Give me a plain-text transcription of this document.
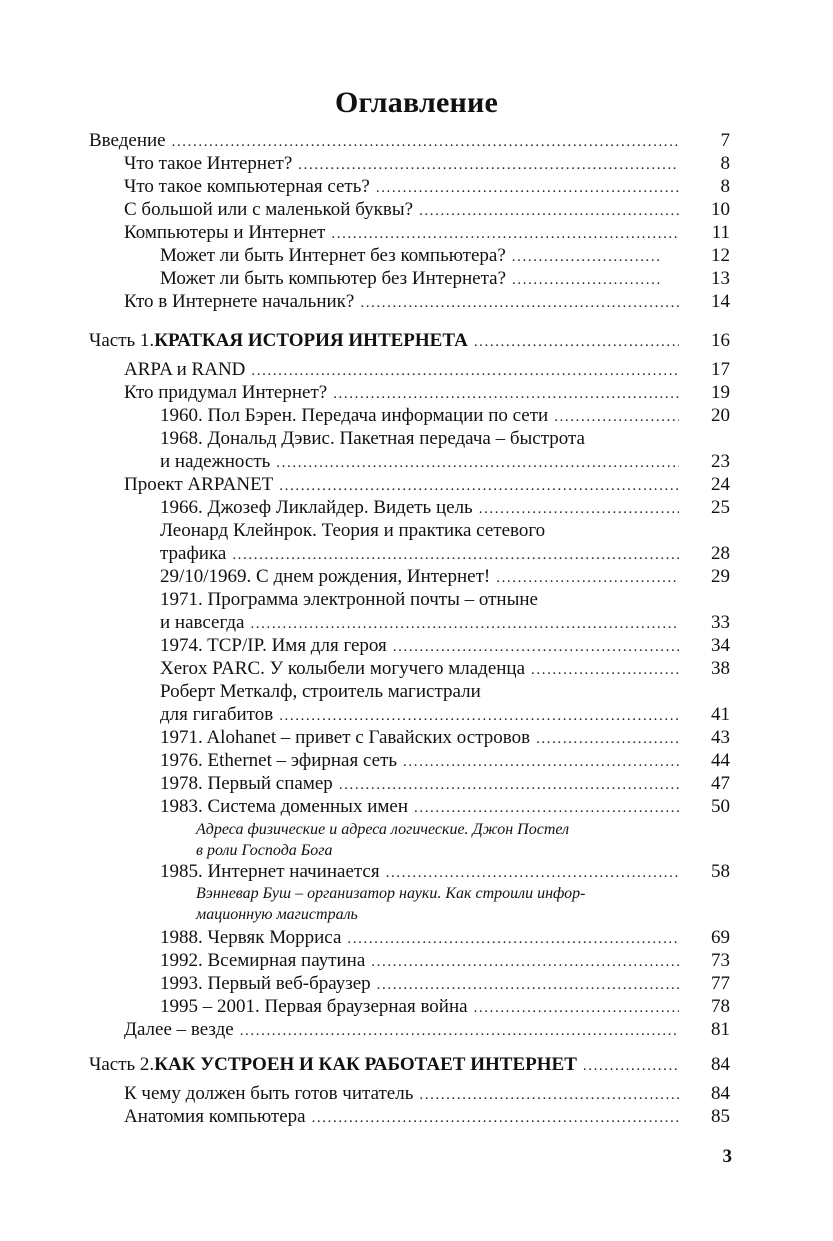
Оглавление
Введение .....	7
Что такое Интернет? .....	8
Что такое компьютерная сеть? .....	8
С большой или с маленькой буквы? .....	10
Компьютеры и Интернет .....	11
Может ли быть Интернет без компьютера? .....	12
Может ли быть компьютер без Интернета? .....	13
Кто в Интернете начальник? .....	14
Часть 1. КРАТКАЯ ИСТОРИЯ ИНТЕРНЕТА .....	16
ARPA и RAND .....	17
Кто придумал Интернет? .....	19
1960. Пол Бэрен. Передача информации по сети .....	20
1968. Дональд Дэвис. Пакетная передача – быстрота
и надежность .....	23
Проект ARPANET .....	24
1966. Джозеф Ликлайдер. Видеть цель .....	25
Леонард Клейнрок. Теория и практика сетевого
трафика .....	28
29/10/1969. С днем рождения, Интернет! .....	29
1971. Программа электронной почты – отныне
и навсегда .....	33
1974. TCP/IP. Имя для героя .....	34
Xerox PARC. У колыбели могучего младенца .....	38
Роберт Меткалф, строитель магистрали
для гигабитов .....	41
1971. Alohanet – привет с Гавайских островов .....	43
1976. Ethernet – эфирная сеть .....	44
1978. Первый спамер .....	47
1983. Система доменных имен .....	50
Адреса физические и адреса логические. Джон Постел
в роли Господа Бога
1985. Интернет начинается .....	58
Вэнневар Буш – организатор науки. Как строили инфор-
мационную магистраль
1988. Червяк Морриса .....	69
1992. Всемирная паутина .....	73
1993. Первый веб-браузер .....	77
1995 – 2001. Первая браузерная война .....	78
Далее – везде .....	81
Часть 2. КАК УСТРОЕН И КАК РАБОТАЕТ ИНТЕРНЕТ .....	84
К чему должен быть готов читатель .....	84
Анатомия компьютера .....	85
3
